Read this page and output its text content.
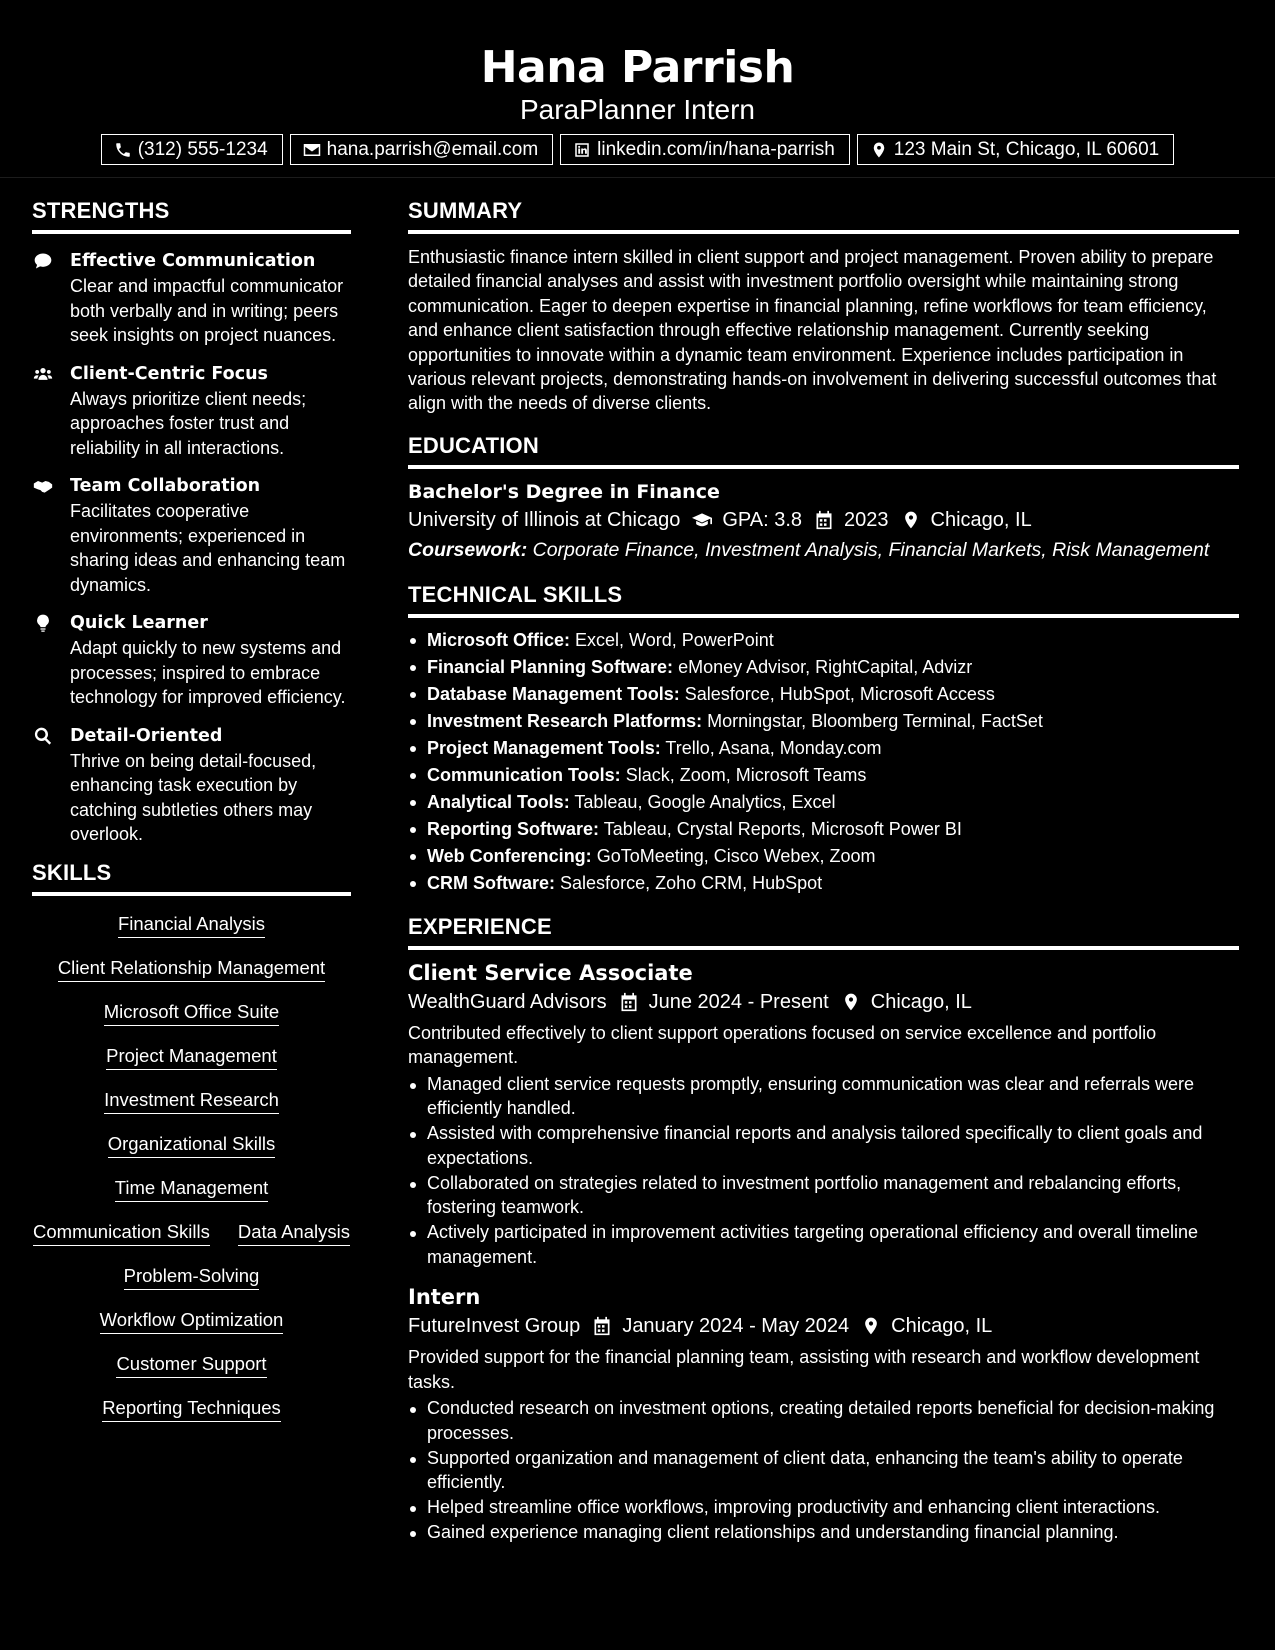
Hana Parrish
ParaPlanner Intern
(312) 555-1234	hana.parrish@email.com	linkedin.com/in/hana-parrish	123 Main St, Chicago, IL 60601
STRENGTHS
Effective Communication
Clear and impactful communicator both verbally and in writing; peers seek insights on project nuances.
Client-Centric Focus
Always prioritize client needs; approaches foster trust and reliability in all interactions.
Team Collaboration
Facilitates cooperative environments; experienced in sharing ideas and enhancing team dynamics.
Quick Learner
Adapt quickly to new systems and processes; inspired to embrace technology for improved efficiency.
Detail-Oriented
Thrive on being detail-focused, enhancing task execution by catching subtleties others may overlook.
SKILLS
Financial Analysis
Client Relationship Management
Microsoft Office Suite
Project Management
Investment Research
Organizational Skills
Time Management
Communication Skills Data Analysis
Problem-Solving
Workflow Optimization
Customer Support
Reporting Techniques
SUMMARY
Enthusiastic finance intern skilled in client support and project management. Proven ability to prepare detailed financial analyses and assist with investment portfolio oversight while maintaining strong communication. Eager to deepen expertise in financial planning, refine workflows for team efficiency, and enhance client satisfaction through effective relationship management. Currently seeking opportunities to innovate within a dynamic team environment. Experience includes participation in various relevant projects, demonstrating hands-on involvement in delivering successful outcomes that align with the needs of diverse clients.
EDUCATION
Bachelor's Degree in Finance
University of Illinois at Chicago GPA: 3.8 2023 Chicago, IL
Coursework: Corporate Finance, Investment Analysis, Financial Markets, Risk Management
TECHNICAL SKILLS
Microsoft Office: Excel, Word, PowerPoint
Financial Planning Software: eMoney Advisor, RightCapital, Advizr
Database Management Tools: Salesforce, HubSpot, Microsoft Access
Investment Research Platforms: Morningstar, Bloomberg Terminal, FactSet
Project Management Tools: Trello, Asana, Monday.com
Communication Tools: Slack, Zoom, Microsoft Teams
Analytical Tools: Tableau, Google Analytics, Excel
Reporting Software: Tableau, Crystal Reports, Microsoft Power BI
Web Conferencing: GoToMeeting, Cisco Webex, Zoom
CRM Software: Salesforce, Zoho CRM, HubSpot
EXPERIENCE
Client Service Associate
WealthGuard Advisors June 2024 - Present Chicago, IL
Contributed effectively to client support operations focused on service excellence and portfolio management.
Managed client service requests promptly, ensuring communication was clear and referrals were efficiently handled.
Assisted with comprehensive financial reports and analysis tailored specifically to client goals and expectations.
Collaborated on strategies related to investment portfolio management and rebalancing efforts, fostering teamwork.
Actively participated in improvement activities targeting operational efficiency and overall timeline management.
Intern
FutureInvest Group January 2024 - May 2024 Chicago, IL
Provided support for the financial planning team, assisting with research and workflow development tasks.
Conducted research on investment options, creating detailed reports beneficial for decision-making processes.
Supported organization and management of client data, enhancing the team's ability to operate efficiently.
Helped streamline office workflows, improving productivity and enhancing client interactions.
Gained experience managing client relationships and understanding financial planning.
